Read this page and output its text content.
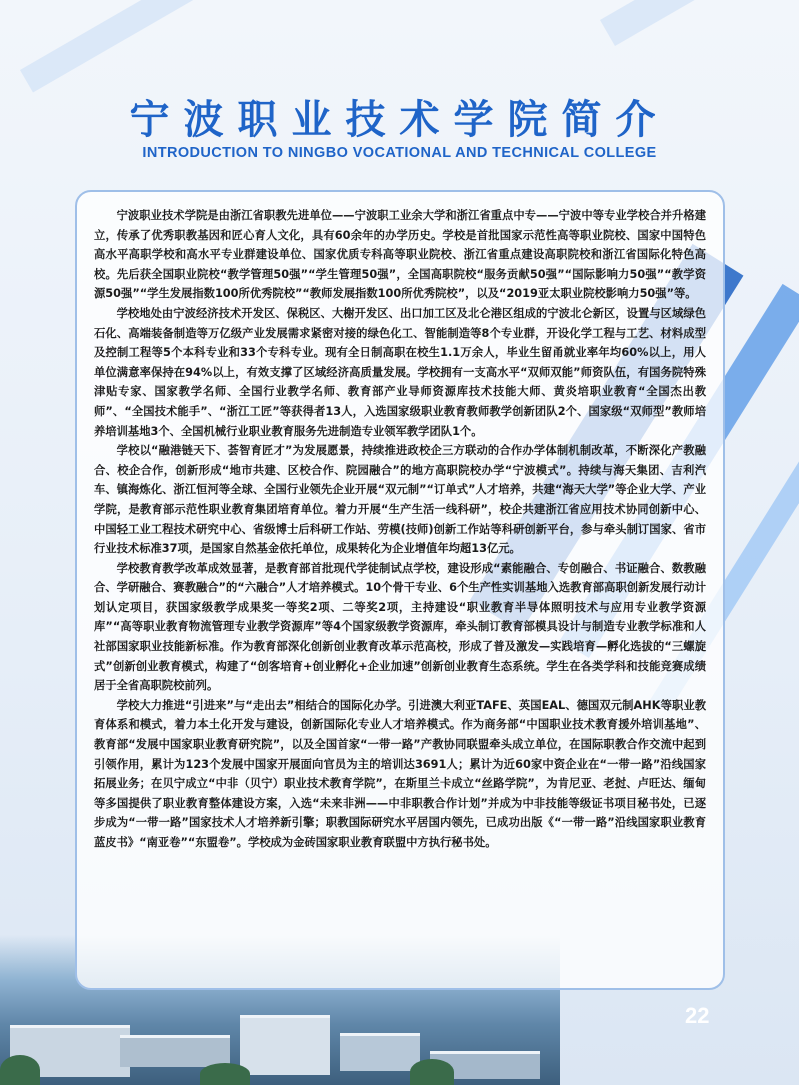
宁波职业技术学院简介
INTRODUCTION TO NINGBO VOCATIONAL AND TECHNICAL COLLEGE

宁波职业技术学院是由浙江省职教先进单位——宁波职工业余大学和浙江省重点中专——宁波中等专业学校合并升格建立，传承了优秀职教基因和匠心育人文化，具有60余年的办学历史。学校是首批国家示范性高等职业院校、国家中国特色高水平高职学校和高水平专业群建设单位、国家优质专科高等职业院校、浙江省重点建设高职院校和浙江省国际化特色高校。先后获全国职业院校“教学管理50强”“学生管理50强”，全国高职院校“服务贡献50强”“国际影响力50强”“教学资源50强”“学生发展指数100所优秀院校”“教师发展指数100所优秀院校”，以及“2019亚太职业院校影响力50强”等。

学校地处由宁波经济技术开发区、保税区、大榭开发区、出口加工区及北仑港区组成的宁波北仑新区，设置与区域绿色石化、高端装备制造等万亿级产业发展需求紧密对接的绿色化工、智能制造等8个专业群，开设化学工程与工艺、材料成型及控制工程等5个本科专业和33个专科专业。现有全日制高职在校生1.1万余人，毕业生留甬就业率年均60%以上，用人单位满意率保持在94%以上，有效支撑了区域经济高质量发展。学校拥有一支高水平“双师双能”师资队伍，有国务院特殊津贴专家、国家教学名师、全国行业教学名师、教育部产业导师资源库技术技能大师、黄炎培职业教育“全国杰出教师”、“全国技术能手”、“浙江工匠”等获得者13人，入选国家级职业教育教师教学创新团队2个、国家级“双师型”教师培养培训基地3个、全国机械行业职业教育服务先进制造专业领军教学团队1个。

学校以“融港链天下、荟智育匠才”为发展愿景，持续推进政校企三方联动的合作办学体制机制改革，不断深化产教融合、校企合作，创新形成“地市共建、区校合作、院园融合”的地方高职院校办学“宁波模式”。持续与海天集团、吉利汽车、镇海炼化、浙江恒河等全球、全国行业领先企业开展“双元制”“订单式”人才培养，共建“海天大学”等企业大学、产业学院，是教育部示范性职业教育集团培育单位。着力开展“生产生活一线科研”，校企共建浙江省应用技术协同创新中心、中国轻工业工程技术研究中心、省级博士后科研工作站、劳模(技师)创新工作站等科研创新平台，参与牵头制订国家、省市行业技术标准37项，是国家自然基金依托单位，成果转化为企业增值年均超13亿元。

学校教育教学改革成效显著，是教育部首批现代学徒制试点学校，建设形成“素能融合、专创融合、书证融合、数教融合、学研融合、赛教融合”的“六融合”人才培养模式。10个骨干专业、6个生产性实训基地入选教育部高职创新发展行动计划认定项目，获国家级教学成果奖一等奖2项、二等奖2项，主持建设“职业教育半导体照明技术与应用专业教学资源库”“高等职业教育物流管理专业教学资源库”等4个国家级教学资源库，牵头制订教育部模具设计与制造专业教学标准和人社部国家职业技能新标准。作为教育部深化创新创业教育改革示范高校，形成了普及激发—实践培育—孵化选拔的“三螺旋式”创新创业教育模式，构建了“创客培育+创业孵化+企业加速”创新创业教育生态系统。学生在各类学科和技能竞赛成绩居于全省高职院校前列。

学校大力推进“引进来”与“走出去”相结合的国际化办学。引进澳大利亚TAFE、英国EAL、德国双元制AHK等职业教育体系和模式，着力本土化开发与建设，创新国际化专业人才培养模式。作为商务部“中国职业技术教育援外培训基地”、教育部“发展中国家职业教育研究院”，以及全国首家“一带一路”产教协同联盟牵头成立单位，在国际职教合作交流中起到引领作用，累计为123个发展中国家开展面向官员为主的培训达3691人；累计为近60家中资企业在“一带一路”沿线国家拓展业务；在贝宁成立“中非（贝宁）职业技术教育学院”，在斯里兰卡成立“丝路学院”，为肯尼亚、老挝、卢旺达、缅甸等多国提供了职业教育整体建设方案，入选“未来非洲——中非职教合作计划”并成为中非技能等级证书项目秘书处，已逐步成为“一带一路”国家技术人才培养新引擎；职教国际研究水平居国内领先，已成功出版《“一带一路”沿线国家职业教育蓝皮书》“南亚卷”“东盟卷”。学校成为金砖国家职业教育联盟中方执行秘书处。

22
